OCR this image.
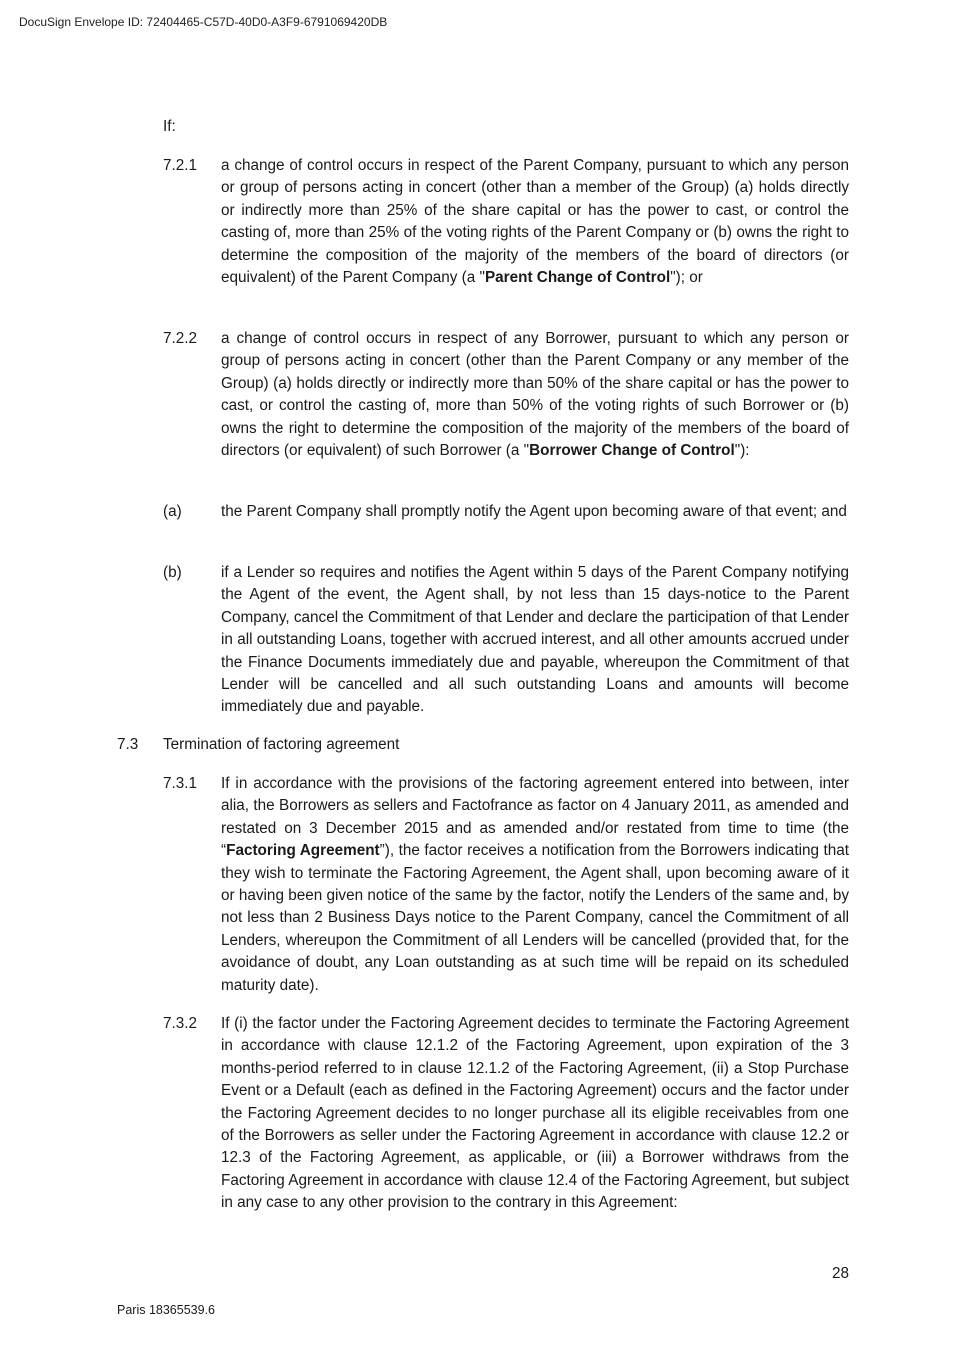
DocuSign Envelope ID: 72404465-C57D-40D0-A3F9-6791069420DB
If:
7.2.1 a change of control occurs in respect of the Parent Company, pursuant to which any person or group of persons acting in concert (other than a member of the Group) (a) holds directly or indirectly more than 25% of the share capital or has the power to cast, or control the casting of, more than 25% of the voting rights of the Parent Company or (b) owns the right to determine the composition of the majority of the members of the board of directors (or equivalent) of the Parent Company (a "Parent Change of Control"); or
7.2.2 a change of control occurs in respect of any Borrower, pursuant to which any person or group of persons acting in concert (other than the Parent Company or any member of the Group) (a) holds directly or indirectly more than 50% of the share capital or has the power to cast, or control the casting of, more than 50% of the voting rights of such Borrower or (b) owns the right to determine the composition of the majority of the members of the board of directors (or equivalent) of such Borrower (a "Borrower Change of Control"):
(a)	the Parent Company shall promptly notify the Agent upon becoming aware of that event; and
(b)	if a Lender so requires and notifies the Agent within 5 days of the Parent Company notifying the Agent of the event, the Agent shall, by not less than 15 days-notice to the Parent Company, cancel the Commitment of that Lender and declare the participation of that Lender in all outstanding Loans, together with accrued interest, and all other amounts accrued under the Finance Documents immediately due and payable, whereupon the Commitment of that Lender will be cancelled and all such outstanding Loans and amounts will become immediately due and payable.
7.3 Termination of factoring agreement
7.3.1 If in accordance with the provisions of the factoring agreement entered into between, inter alia, the Borrowers as sellers and Factofrance as factor on 4 January 2011, as amended and restated on 3 December 2015 and as amended and/or restated from time to time (the “Factoring Agreement”), the factor receives a notification from the Borrowers indicating that they wish to terminate the Factoring Agreement, the Agent shall, upon becoming aware of it or having been given notice of the same by the factor, notify the Lenders of the same and, by not less than 2 Business Days notice to the Parent Company, cancel the Commitment of all Lenders, whereupon the Commitment of all Lenders will be cancelled (provided that, for the avoidance of doubt, any Loan outstanding as at such time will be repaid on its scheduled maturity date).
7.3.2 If (i) the factor under the Factoring Agreement decides to terminate the Factoring Agreement in accordance with clause 12.1.2 of the Factoring Agreement, upon expiration of the 3 months-period referred to in clause 12.1.2 of the Factoring Agreement, (ii) a Stop Purchase Event or a Default (each as defined in the Factoring Agreement) occurs and the factor under the Factoring Agreement decides to no longer purchase all its eligible receivables from one of the Borrowers as seller under the Factoring Agreement in accordance with clause 12.2 or 12.3 of the Factoring Agreement, as applicable, or (iii) a Borrower withdraws from the Factoring Agreement in accordance with clause 12.4 of the Factoring Agreement, but subject in any case to any other provision to the contrary in this Agreement:
28
Paris 18365539.6
